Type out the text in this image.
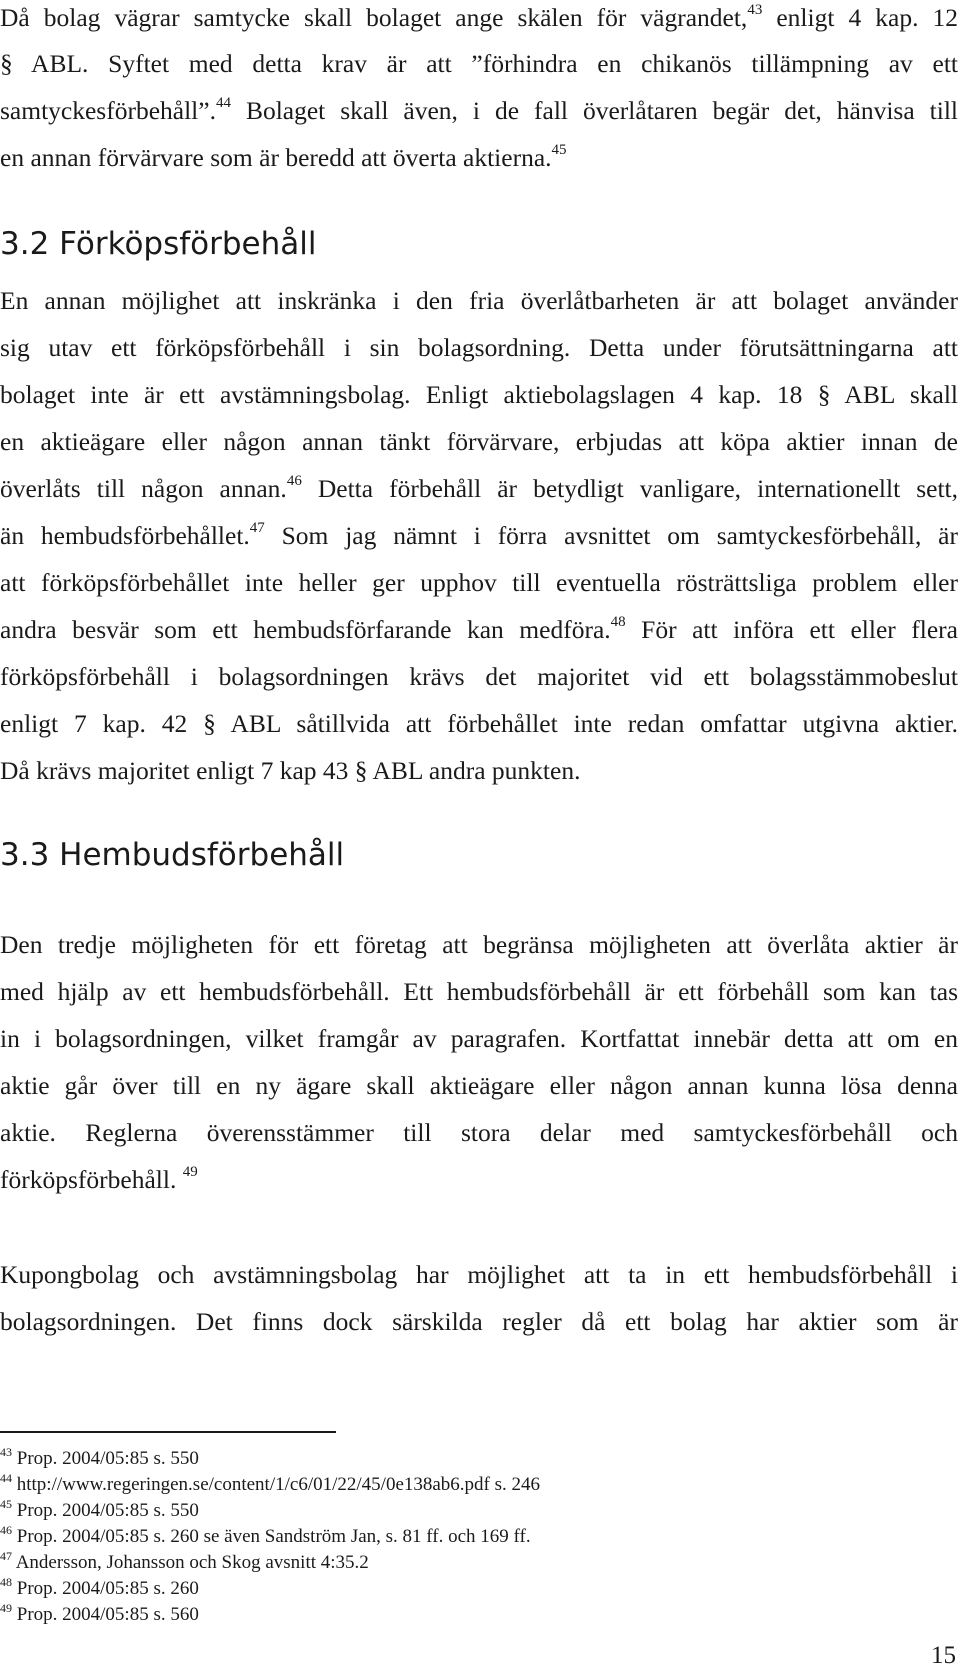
Då bolag vägrar samtycke skall bolaget ange skälen för vägrandet,$^{43}$ enligt 4 kap. 12
§ ABL. Syftet med detta krav är att ”förhindra en chikanös tillämpning av ett
samtyckesförbehåll”.$^{44}$ Bolaget skall även, i de fall överlåtaren begär det, hänvisa till
en annan förvärvare som är beredd att överta aktierna.$^{45}$
3.2 Förköpsförbehåll
En annan möjlighet att inskränka i den fria överlåtbarheten är att bolaget använder
sig utav ett förköpsförbehåll i sin bolagsordning. Detta under förutsättningarna att
bolaget inte är ett avstämningsbolag. Enligt aktiebolagslagen 4 kap. 18 § ABL skall
en aktieägare eller någon annan tänkt förvärvare, erbjudas att köpa aktier innan de
överlåts till någon annan.$^{46}$ Detta förbehåll är betydligt vanligare, internationellt sett,
än hembudsförbehållet.$^{47}$ Som jag nämnt i förra avsnittet om samtyckesförbehåll, är
att förköpsförbehållet inte heller ger upphov till eventuella rösträttsliga problem eller
andra besvär som ett hembudsförfarande kan medföra.$^{48}$ För att införa ett eller flera
förköpsförbehåll i bolagsordningen krävs det majoritet vid ett bolagsstämmobeslut
enligt 7 kap. 42 § ABL såtillvida att förbehållet inte redan omfattar utgivna aktier.
Då krävs majoritet enligt 7 kap 43 § ABL andra punkten.
3.3 Hembudsförbehåll
Den tredje möjligheten för ett företag att begränsa möjligheten att överlåta aktier är
med hjälp av ett hembudsförbehåll. Ett hembudsförbehåll är ett förbehåll som kan tas
in i bolagsordningen, vilket framgår av paragrafen. Kortfattat innebär detta att om en
aktie går över till en ny ägare skall aktieägare eller någon annan kunna lösa denna
aktie. Reglerna överensstämmer till stora delar med samtyckesförbehåll och
förköpsförbehåll. $^{49}$
Kupongbolag och avstämningsbolag har möjlighet att ta in ett hembudsförbehåll i
bolagsordningen. Det finns dock särskilda regler då ett bolag har aktier som är
$^{43}$ Prop. 2004/05:85 s. 550
$^{44}$ http://www.regeringen.se/content/1/c6/01/22/45/0e138ab6.pdf s. 246
$^{45}$ Prop. 2004/05:85 s. 550
$^{46}$ Prop. 2004/05:85 s. 260 se även Sandström Jan, s. 81 ff. och 169 ff.
$^{47}$ Andersson, Johansson och Skog avsnitt 4:35.2
$^{48}$ Prop. 2004/05:85 s. 260
$^{49}$ Prop. 2004/05:85 s. 560
15
